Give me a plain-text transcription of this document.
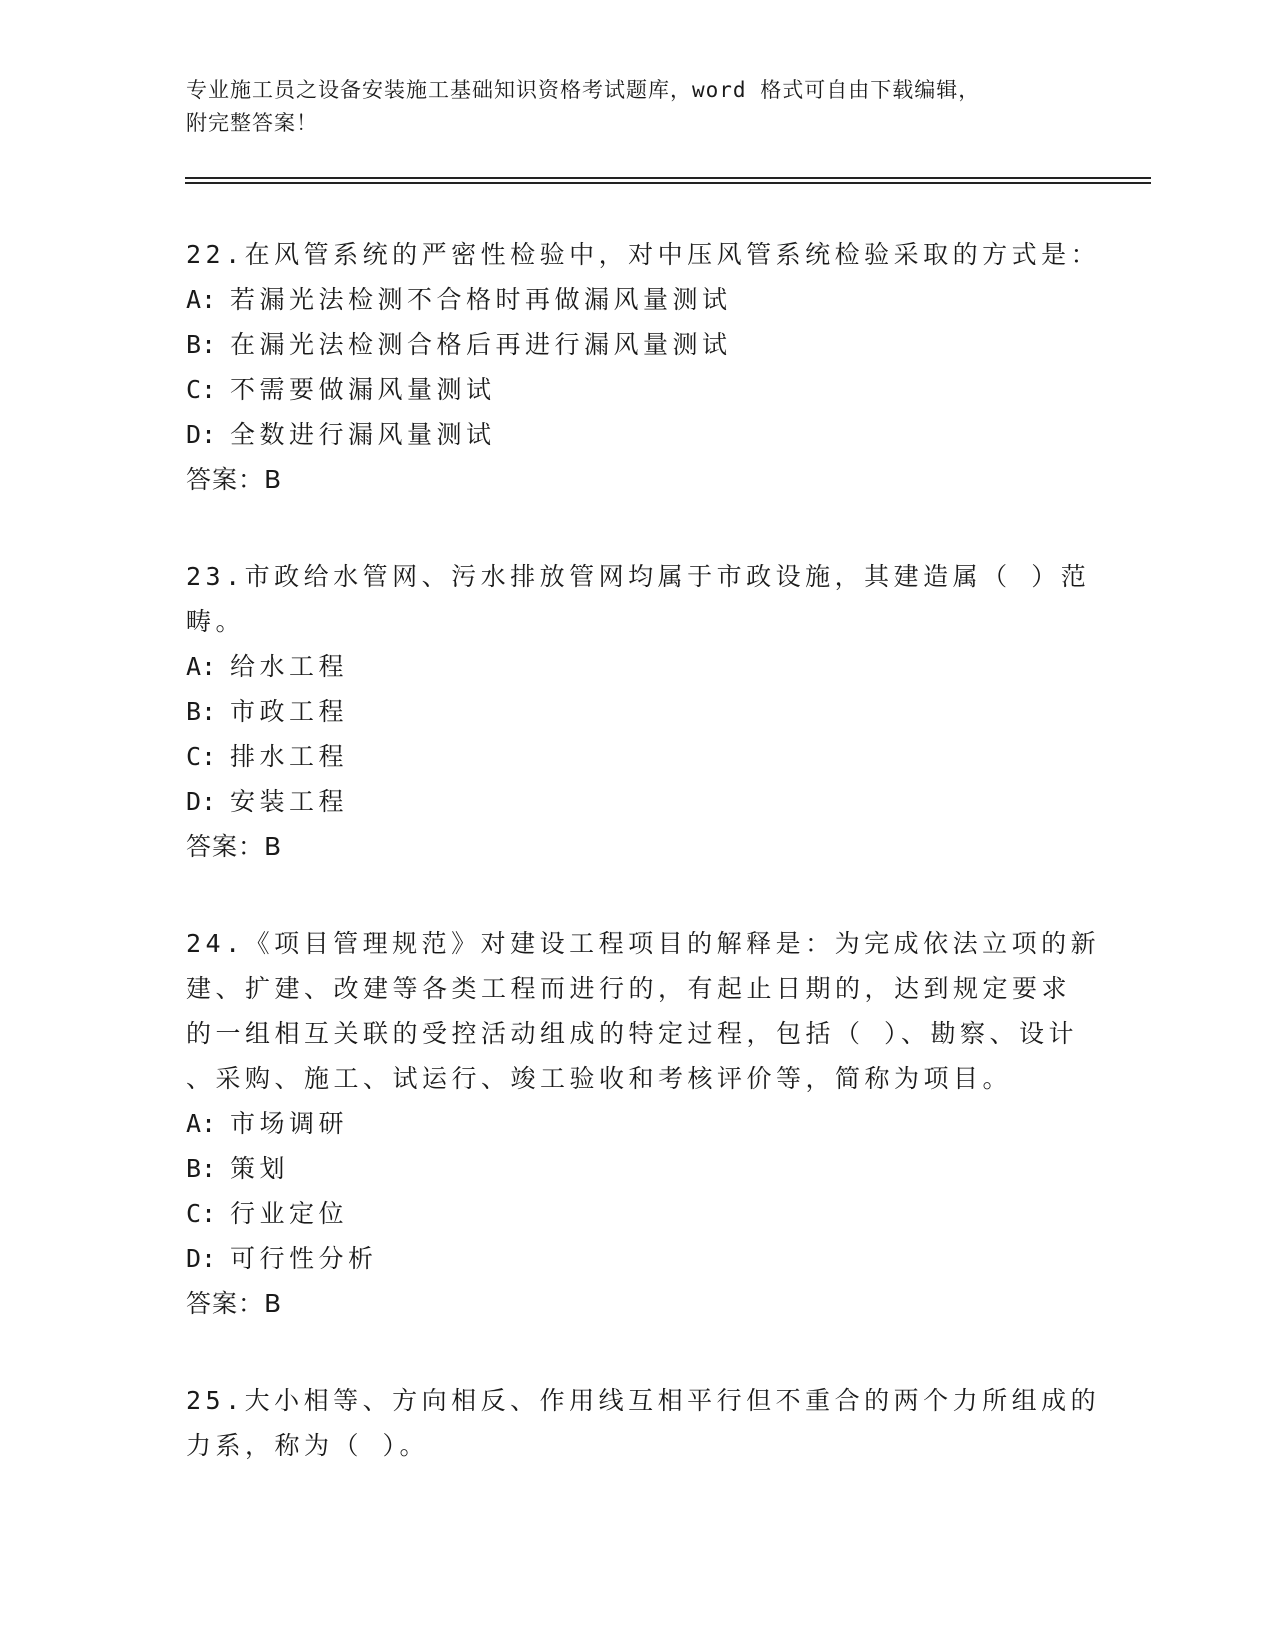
专业施工员之设备安装施工基础知识资格考试题库，word 格式可自由下载编辑，
附完整答案！
22.在风管系统的严密性检验中，对中压风管系统检验采取的方式是：
A: 若漏光法检测不合格时再做漏风量测试
B: 在漏光法检测合格后再进行漏风量测试
C: 不需要做漏风量测试
D: 全数进行漏风量测试
答案：B
23.市政给水管网、污水排放管网均属于市政设施，其建造属（ ）范
畴。
A: 给水工程
B: 市政工程
C: 排水工程
D: 安装工程
答案：B
24.《项目管理规范》对建设工程项目的解释是：为完成依法立项的新
建、扩建、改建等各类工程而进行的，有起止日期的，达到规定要求
的一组相互关联的受控活动组成的特定过程，包括（ ）、勘察、设计
、采购、施工、试运行、竣工验收和考核评价等，简称为项目。
A: 市场调研
B: 策划
C: 行业定位
D: 可行性分析
答案：B
25.大小相等、方向相反、作用线互相平行但不重合的两个力所组成的
力系，称为（ ）。
